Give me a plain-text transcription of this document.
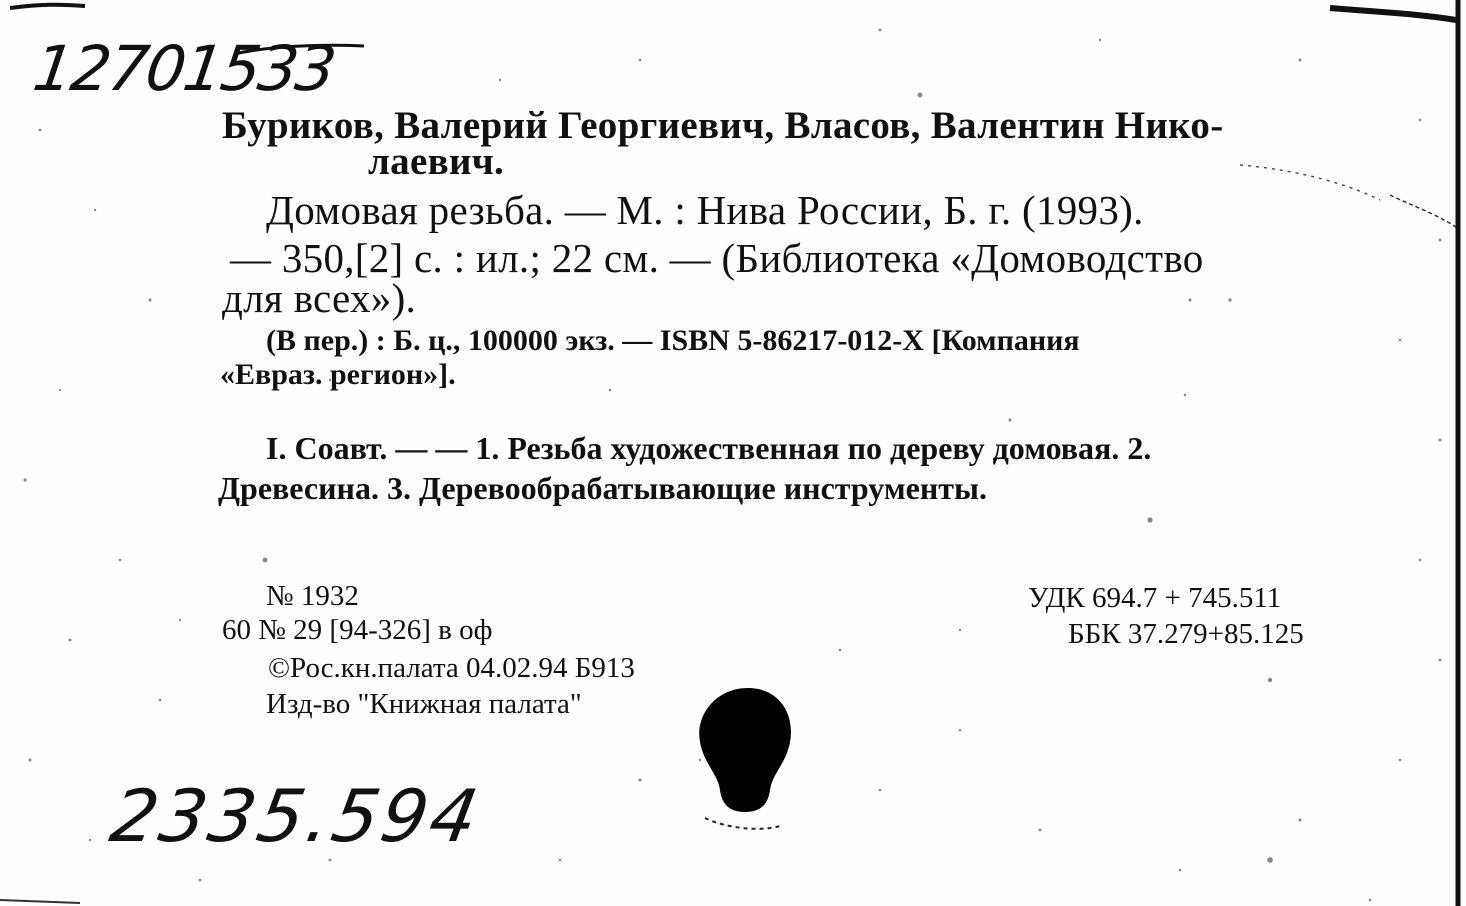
12701533
Буриков, Валерий Георгиевич, Власов, Валентин Нико-
лаевич.
Домовая резьба. — М. : Нива России, Б. г. (1993).
— 350,[2] с. : ил.; 22 см. — (Библиотека «Домоводство
для всех»).
(В пер.) : Б. ц., 100000 экз. — ISBN 5-86217-012-X [Компания
«Евраз. регион»].
I. Соавт. — — 1. Резьба художественная по дереву домовая. 2.
Древесина. 3. Деревообрабатывающие инструменты.
№ 1932
60 № 29 [94-326] в оф
©Рос.кн.палата 04.02.94 Б913
Изд-во "Книжная палата"
УДК 694.7 + 745.511
ББК 37.279+85.125
2335.594
